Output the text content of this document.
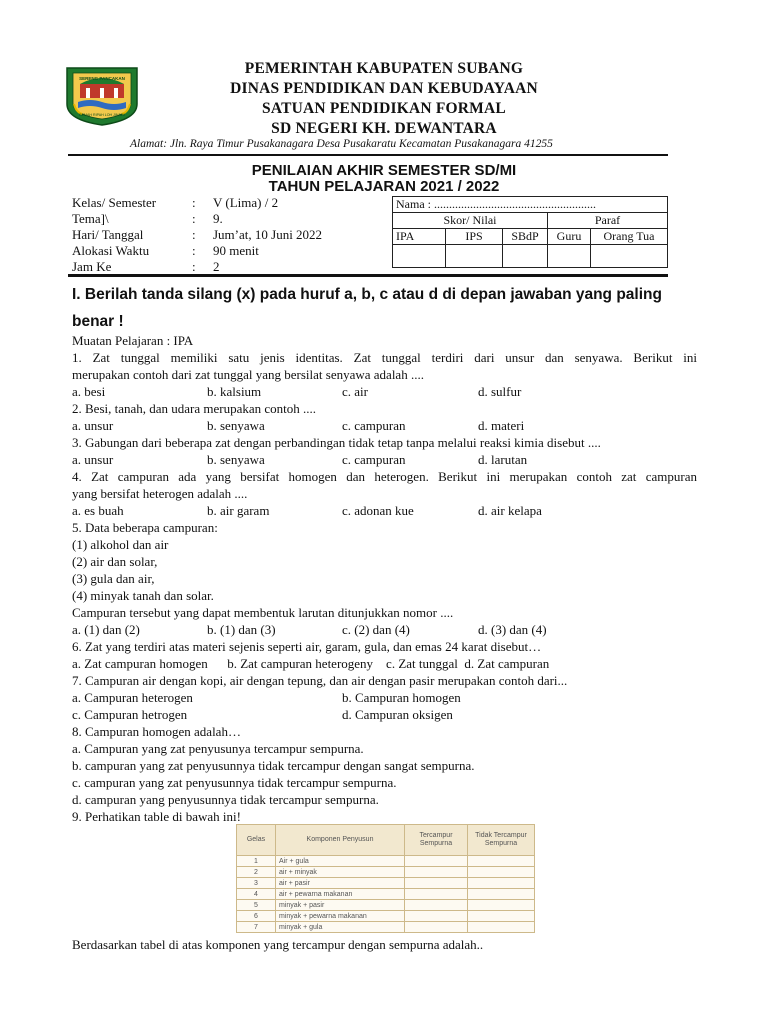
SERENG PANCAKAN
GEMAH RIPAH LOH JINAWI
PEMERINTAH KABUPATEN SUBANG
DINAS PENDIDIKAN DAN KEBUDAYAAN
SATUAN PENDIDIKAN FORMAL
SD NEGERI KH. DEWANTARA
Alamat: Jln. Raya Timur Pusakanagara Desa Pusakaratu Kecamatan Pusakanagara 41255
PENILAIAN AKHIR SEMESTER SD/MI
TAHUN PELAJARAN 2021 / 2022
Kelas/ Semester	: V (Lima) / 2
Tema]\	: 9.
Hari/ Tanggal	: Jum’at, 10 Juni 2022
Alokasi Waktu	: 90 menit
Jam Ke	: 2
Nama : ......................................................				
Skor/ Nilai			Paraf	
IPA	IPS	SBdP	Guru	Orang Tua

I. Berilah tanda silang (x) pada huruf a, b, c atau d di depan jawaban yang paling benar !
Muatan Pelajaran : IPA
1. Zat tunggal memiliki satu jenis identitas. Zat tunggal terdiri dari unsur dan senyawa. Berikut ini
merupakan contoh dari zat tunggal yang bersilat senyawa adalah ....
a. besi	b. kalsium	c. air	d. sulfur
2. Besi, tanah, dan udara merupakan contoh ....
a. unsur	b. senyawa	c. campuran	d. materi
3. Gabungan dari beberapa zat dengan perbandingan tidak tetap tanpa melalui reaksi kimia disebut ....
a. unsur	b. senyawa	c. campuran	d. larutan
4. Zat campuran ada yang bersifat homogen dan heterogen. Berikut ini merupakan contoh zat campuran
yang bersifat heterogen adalah ....
a. es buah	b. air garam	c. adonan kue	d. air kelapa
5. Data beberapa campuran:
(1) alkohol dan air
(2) air dan solar,
(3) gula dan air,
(4) minyak tanah dan solar.
Campuran tersebut yang dapat membentuk larutan ditunjukkan nomor ....
a. (1) dan (2)	b. (1) dan (3)	c. (2) dan (4)	d. (3) dan (4)
6. Zat yang terdiri atas materi sejenis seperti air, garam, gula, dan emas 24 karat disebut…
a. Zat campuran homogen      b. Zat campuran heterogeny    c. Zat tunggal  d. Zat campuran
7. Campuran air dengan kopi, air dengan tepung, dan air dengan pasir merupakan contoh dari...
a. Campuran heterogen	b. Campuran homogen
c. Campuran hetrogen	d. Campuran oksigen
8. Campuran homogen adalah…
a. Campuran yang zat penyusunya tercampur sempurna.
b. campuran yang zat penyusunnya tidak tercampur dengan sangat sempurna.
c. campuran yang zat penyusunnya tidak tercampur sempurna.
d. campuran yang penyusunnya tidak tercampur sempurna.
9. Perhatikan table di bawah ini!
Berdasarkan tabel di atas komponen yang tercampur dengan sempurna adalah..
Gelas	Komponen Penyusun	Tercampur Sempurna	Tidak Tercampur Sempurna
1	Air + gula		
2	air + minyak		
3	air + pasir		
4	air + pewarna makanan		
5	minyak + pasir		
6	minyak + pewarna makanan		
7	minyak + gula		
